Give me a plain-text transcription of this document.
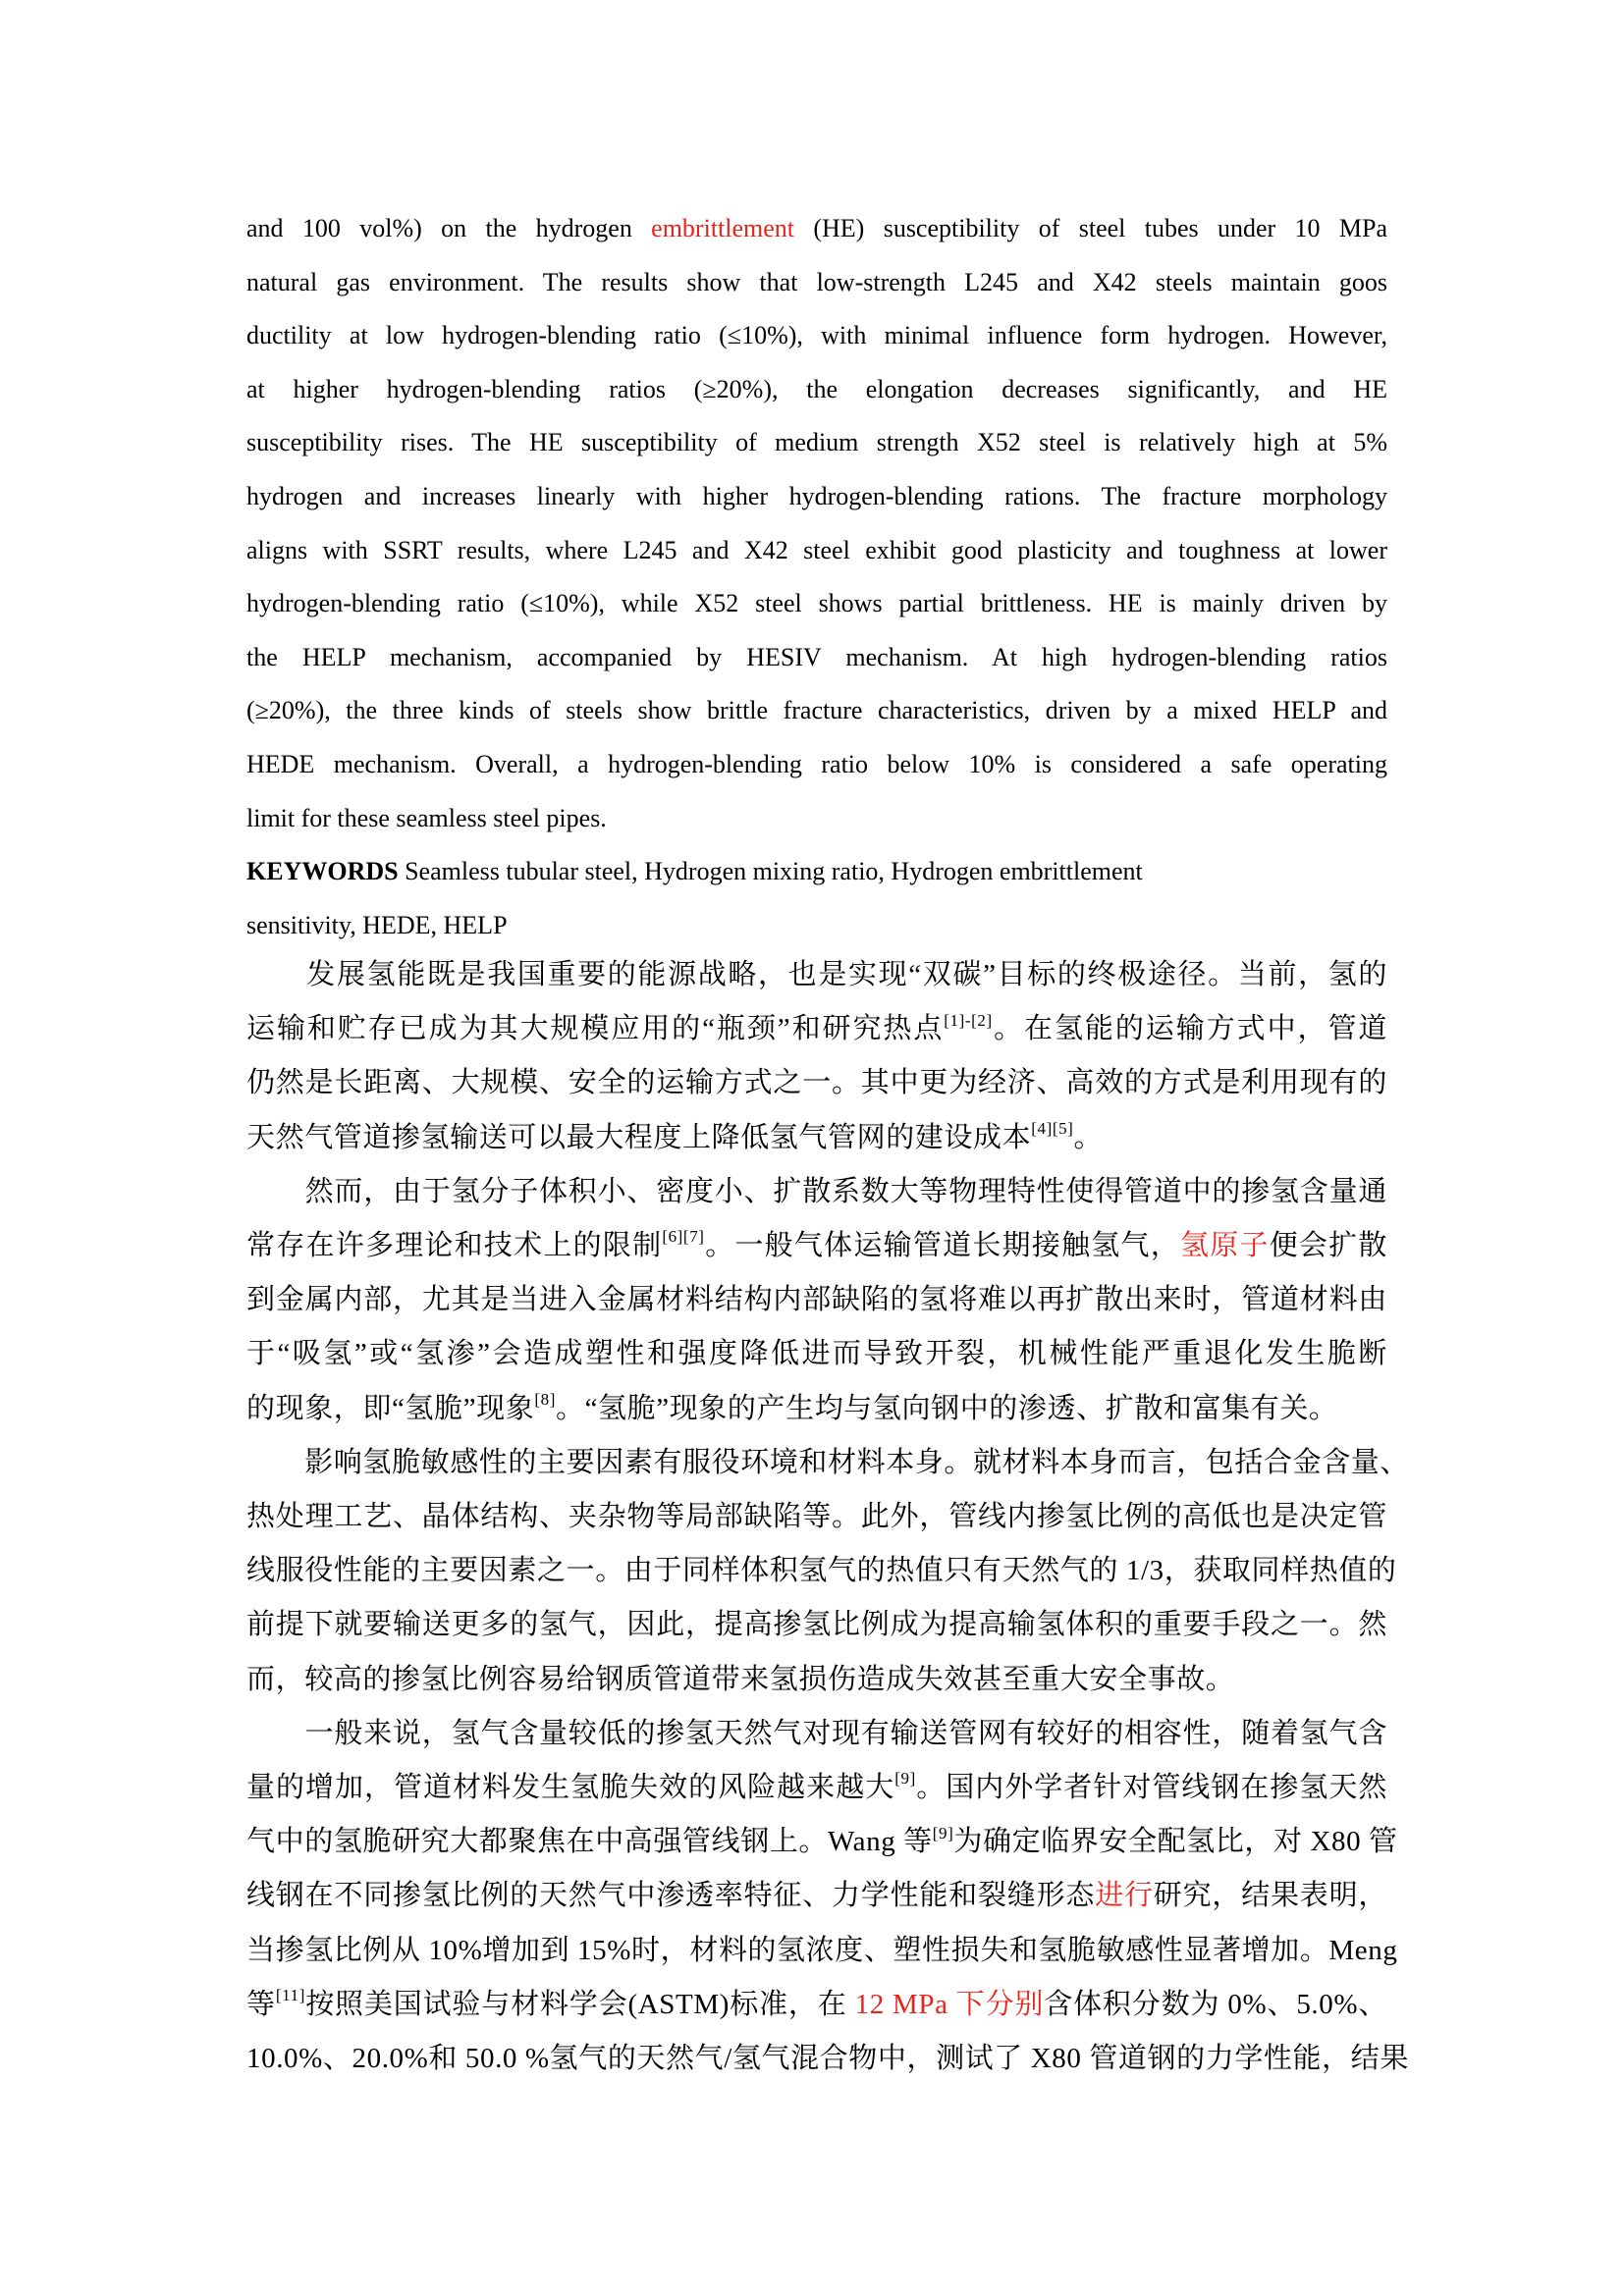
and 100 vol%) on the hydrogen embrittlement (HE) susceptibility of steel tubes under 10 MPa
natural gas environment. The results show that low-strength L245 and X42 steels maintain goos
ductility at low hydrogen-blending ratio (≤10%), with minimal influence form hydrogen. However,
at higher hydrogen-blending ratios (≥20%), the elongation decreases significantly, and HE
susceptibility rises. The HE susceptibility of medium strength X52 steel is relatively high at 5%
hydrogen and increases linearly with higher hydrogen-blending rations. The fracture morphology
aligns with SSRT results, where L245 and X42 steel exhibit good plasticity and toughness at lower
hydrogen-blending ratio (≤10%), while X52 steel shows partial brittleness. HE is mainly driven by
the HELP mechanism, accompanied by HESIV mechanism. At high hydrogen-blending ratios
(≥20%), the three kinds of steels show brittle fracture characteristics, driven by a mixed HELP and
HEDE mechanism. Overall, a hydrogen-blending ratio below 10% is considered a safe operating
limit for these seamless steel pipes.
KEYWORDS Seamless tubular steel, Hydrogen mixing ratio, Hydrogen embrittlement
sensitivity, HEDE, HELP
　　发展氢能既是我国重要的能源战略，也是实现“双碳”目标的终极途径。当前，氢的
运输和贮存已成为其大规模应用的“瓶颈”和研究热点[1]-[2]。在氢能的运输方式中，管道
仍然是长距离、大规模、安全的运输方式之一。其中更为经济、高效的方式是利用现有的
天然气管道掺氢输送可以最大程度上降低氢气管网的建设成本[4][5]。
　　然而，由于氢分子体积小、密度小、扩散系数大等物理特性使得管道中的掺氢含量通
常存在许多理论和技术上的限制[6][7]。一般气体运输管道长期接触氢气，氢原子便会扩散
到金属内部，尤其是当进入金属材料结构内部缺陷的氢将难以再扩散出来时，管道材料由
于“吸氢”或“氢渗”会造成塑性和强度降低进而导致开裂，机械性能严重退化发生脆断
的现象，即“氢脆”现象[8]。“氢脆”现象的产生均与氢向钢中的渗透、扩散和富集有关。
　　影响氢脆敏感性的主要因素有服役环境和材料本身。就材料本身而言，包括合金含量、
热处理工艺、晶体结构、夹杂物等局部缺陷等。此外，管线内掺氢比例的高低也是决定管
线服役性能的主要因素之一。由于同样体积氢气的热值只有天然气的 1/3，获取同样热值的
前提下就要输送更多的氢气，因此，提高掺氢比例成为提高输氢体积的重要手段之一。然
而，较高的掺氢比例容易给钢质管道带来氢损伤造成失效甚至重大安全事故。
　　一般来说，氢气含量较低的掺氢天然气对现有输送管网有较好的相容性，随着氢气含
量的增加，管道材料发生氢脆失效的风险越来越大[9]。国内外学者针对管线钢在掺氢天然
气中的氢脆研究大都聚焦在中高强管线钢上。Wang 等[9]为确定临界安全配氢比，对 X80 管
线钢在不同掺氢比例的天然气中渗透率特征、力学性能和裂缝形态进行研究，结果表明，
当掺氢比例从 10%增加到 15%时，材料的氢浓度、塑性损失和氢脆敏感性显著增加。Meng
等[11]按照美国试验与材料学会(ASTM)标准，在 12 MPa 下分别含体积分数为 0%、5.0%、
10.0%、20.0%和 50.0 %氢气的天然气/氢气混合物中，测试了 X80 管道钢的力学性能，结果
